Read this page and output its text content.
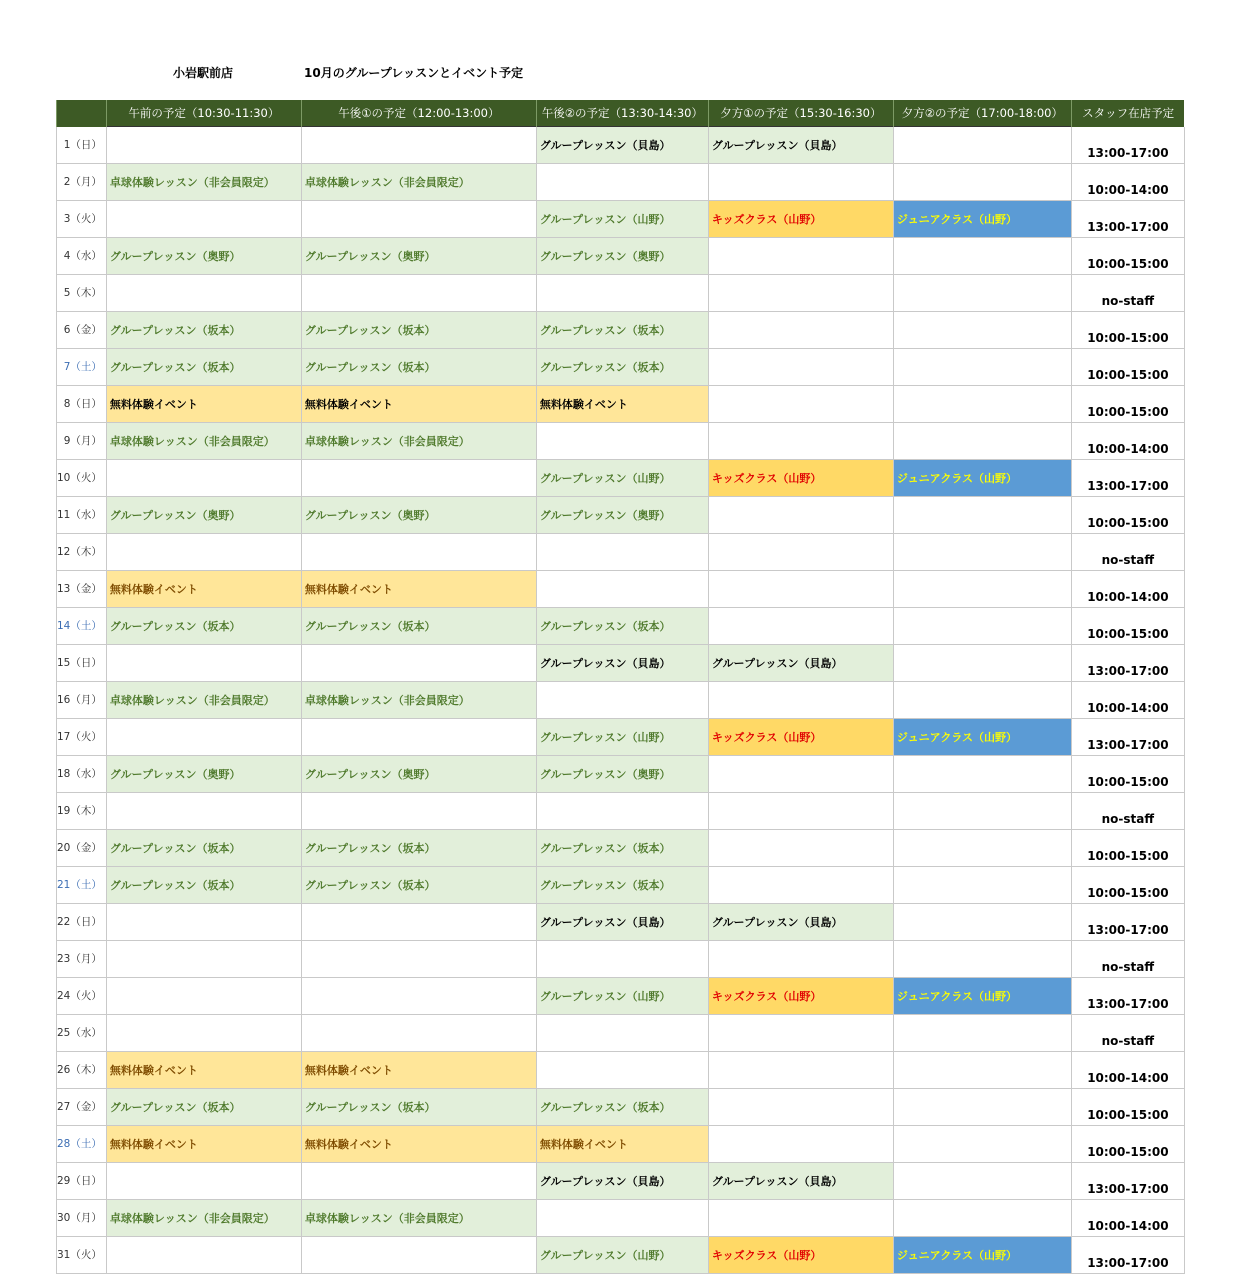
小岩駅前店	10月のグループレッスンとイベント予定
	午前の予定（10:30-11:30）	午後①の予定（12:00-13:00）	午後②の予定（13:30-14:30）	夕方①の予定（15:30-16:30）	夕方②の予定（17:00-18:00）	スタッフ在店予定
1（日）			グループレッスン（貝島）	グループレッスン（貝島）		13:00-17:00
2（月）	卓球体験レッスン（非会員限定）	卓球体験レッスン（非会員限定）				10:00-14:00
3（火）			グループレッスン（山野）	キッズクラス（山野）	ジュニアクラス（山野）	13:00-17:00
4（水）	グループレッスン（奥野）	グループレッスン（奥野）	グループレッスン（奥野）			10:00-15:00
5（木）						no-staff
6（金）	グループレッスン（坂本）	グループレッスン（坂本）	グループレッスン（坂本）			10:00-15:00
7（土）	グループレッスン（坂本）	グループレッスン（坂本）	グループレッスン（坂本）			10:00-15:00
8（日）	無料体験イベント	無料体験イベント	無料体験イベント			10:00-15:00
9（月）	卓球体験レッスン（非会員限定）	卓球体験レッスン（非会員限定）				10:00-14:00
10（火）			グループレッスン（山野）	キッズクラス（山野）	ジュニアクラス（山野）	13:00-17:00
11（水）	グループレッスン（奥野）	グループレッスン（奥野）	グループレッスン（奥野）			10:00-15:00
12（木）						no-staff
13（金）	無料体験イベント	無料体験イベント				10:00-14:00
14（土）	グループレッスン（坂本）	グループレッスン（坂本）	グループレッスン（坂本）			10:00-15:00
15（日）			グループレッスン（貝島）	グループレッスン（貝島）		13:00-17:00
16（月）	卓球体験レッスン（非会員限定）	卓球体験レッスン（非会員限定）				10:00-14:00
17（火）			グループレッスン（山野）	キッズクラス（山野）	ジュニアクラス（山野）	13:00-17:00
18（水）	グループレッスン（奥野）	グループレッスン（奥野）	グループレッスン（奥野）			10:00-15:00
19（木）						no-staff
20（金）	グループレッスン（坂本）	グループレッスン（坂本）	グループレッスン（坂本）			10:00-15:00
21（土）	グループレッスン（坂本）	グループレッスン（坂本）	グループレッスン（坂本）			10:00-15:00
22（日）			グループレッスン（貝島）	グループレッスン（貝島）		13:00-17:00
23（月）						no-staff
24（火）			グループレッスン（山野）	キッズクラス（山野）	ジュニアクラス（山野）	13:00-17:00
25（水）						no-staff
26（木）	無料体験イベント	無料体験イベント				10:00-14:00
27（金）	グループレッスン（坂本）	グループレッスン（坂本）	グループレッスン（坂本）			10:00-15:00
28（土）	無料体験イベント	無料体験イベント	無料体験イベント			10:00-15:00
29（日）			グループレッスン（貝島）	グループレッスン（貝島）		13:00-17:00
30（月）	卓球体験レッスン（非会員限定）	卓球体験レッスン（非会員限定）				10:00-14:00
31（火）			グループレッスン（山野）	キッズクラス（山野）	ジュニアクラス（山野）	13:00-17:00
